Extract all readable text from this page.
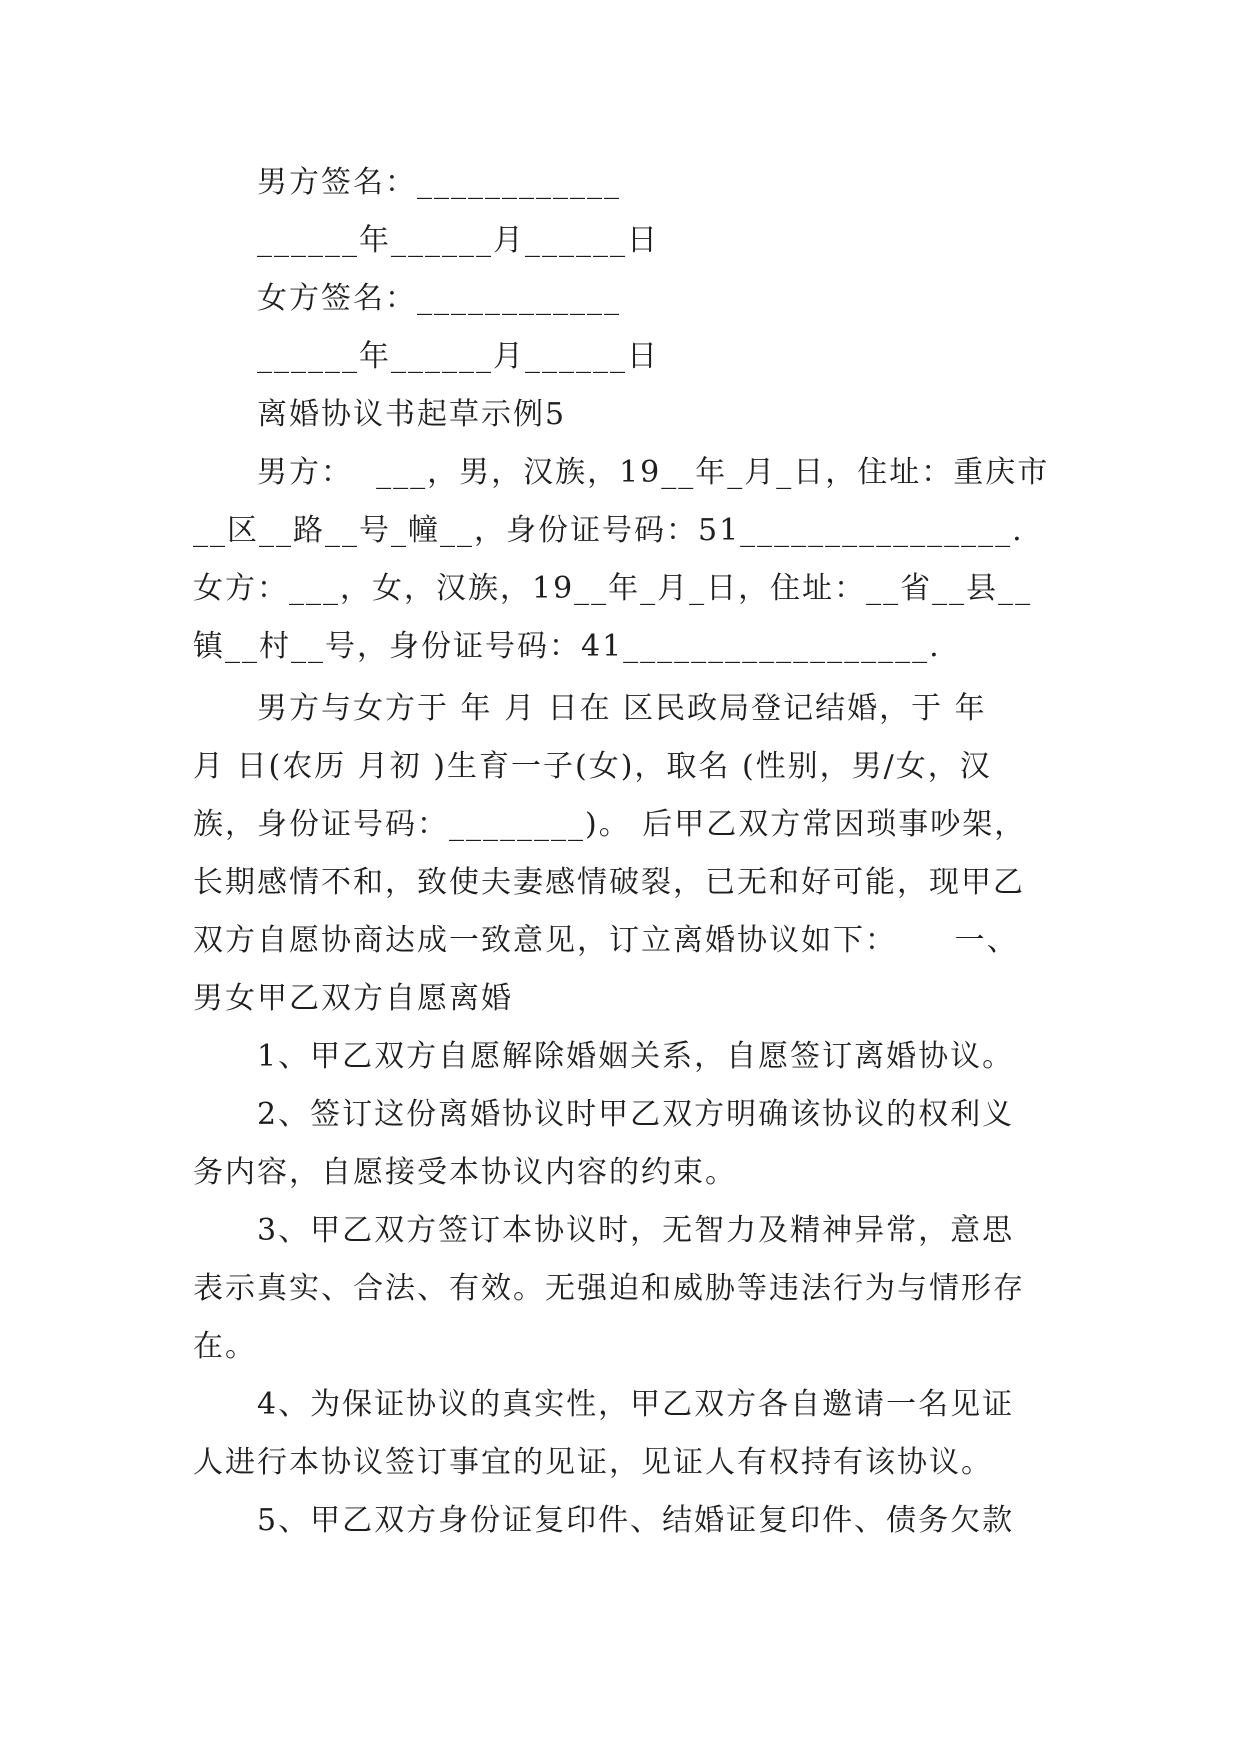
男方签名：____________
______年______月______日
女方签名：____________
______年______月______日
离婚协议书起草示例5
男方：  ___，男，汉族，19__年_月_日，住址：重庆市
__区__路__号_幢__，身份证号码：51________________.
女方：___，女，汉族，19__年_月_日，住址：__省__县__
镇__村__号，身份证号码：41__________________.
男方与女方于 年 月 日在 区民政局登记结婚，于 年
月 日(农历 月初 )生育一子(女)，取名 (性别，男/女，汉
族，身份证号码：________)。 后甲乙双方常因琐事吵架，
长期感情不和，致使夫妻感情破裂，已无和好可能，现甲乙
双方自愿协商达成一致意见，订立离婚协议如下：     一、
男女甲乙双方自愿离婚
1、甲乙双方自愿解除婚姻关系，自愿签订离婚协议。
2、签订这份离婚协议时甲乙双方明确该协议的权利义
务内容，自愿接受本协议内容的约束。
3、甲乙双方签订本协议时，无智力及精神异常，意思
表示真实、合法、有效。无强迫和威胁等违法行为与情形存
在。
4、为保证协议的真实性，甲乙双方各自邀请一名见证
人进行本协议签订事宜的见证，见证人有权持有该协议。
5、甲乙双方身份证复印件、结婚证复印件、债务欠款
